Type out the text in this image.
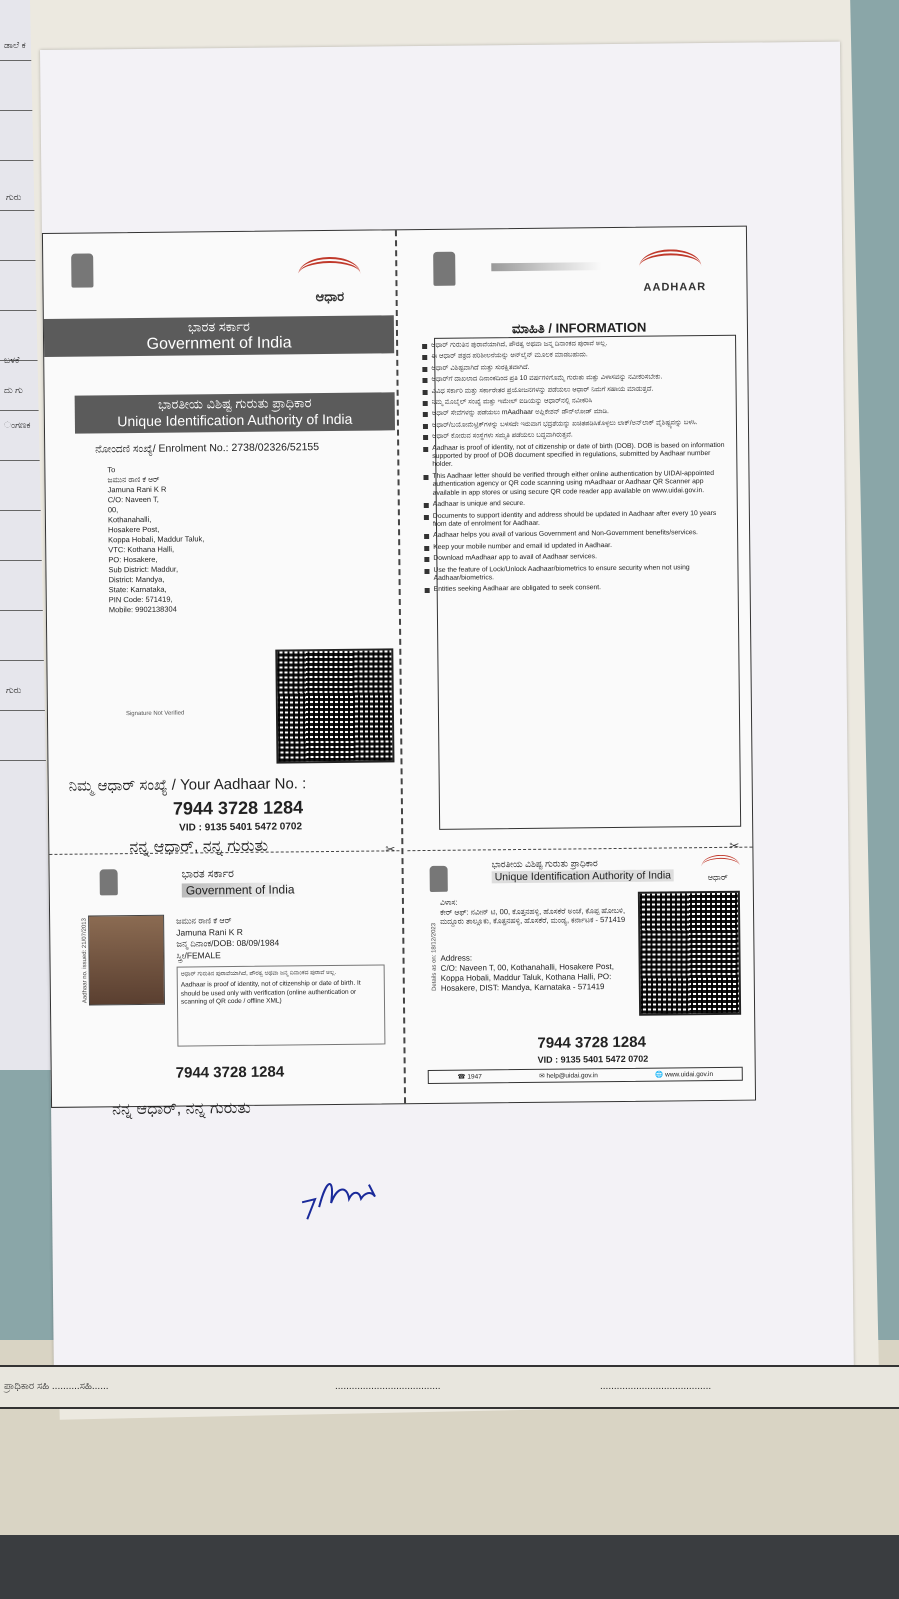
ಡಾಲೆ ಕ
ಗುರು
ಬಳಕೆ
ದು ಗು
ಂಗಣಕ
ಗುರು
ಆಧಾರ
ಭಾರತ ಸರ್ಕಾರ
Government of India
ಭಾರತೀಯ ವಿಶಿಷ್ಟ ಗುರುತು ಪ್ರಾಧಿಕಾರ
Unique Identification Authority of India
ನೋಂದಣಿ ಸಂಖ್ಯೆ/ Enrolment No.: 2738/02326/52155
To
ಜಮುನ ರಾಣಿ ಕೆ ಆರ್
Jamuna Rani K R
C/O: Naveen T,
00,
Kothanahalli,
Hosakere Post,
Koppa Hobali, Maddur Taluk,
VTC: Kothana Halli,
PO: Hosakere,
Sub District: Maddur,
District: Mandya,
State: Karnataka,
PIN Code: 571419,
Mobile: 9902138304
Signature Not Verified
ನಿಮ್ಮ ಆಧಾರ್ ಸಂಖ್ಯೆ / Your Aadhaar No. :
7944 3728 1284
VID : 9135 5401 5472 0702
ನನ್ನ ಆಧಾರ್, ನನ್ನ ಗುರುತು	✂
ಭಾರತ ಸರ್ಕಾರ
Government of India
Aadhaar no. issued: 21/07/2013	ಜಮುನ ರಾಣಿ ಕೆ ಆರ್
Jamuna Rani K R
ಜನ್ಮ ದಿನಾಂಕ/DOB: 08/09/1984
ಸ್ತ್ರೀ/FEMALE
ಆಧಾರ್ ಗುರುತಿನ ಪುರಾವೆಯಾಗಿದೆ, ಪೌರತ್ವ ಅಥವಾ ಜನ್ಮ ದಿನಾಂಕದ ಪುರಾವೆ ಅಲ್ಲ.
Aadhaar is proof of identity, not of citizenship or date of birth. It should be used only with verification (online authentication or scanning of QR code / offline XML)
7944 3728 1284
ನನ್ನ ಆಧಾರ್, ನನ್ನ ಗುರುತು
AADHAAR
ಮಾಹಿತಿ / INFORMATION
ಆಧಾರ್ ಗುರುತಿನ ಪುರಾವೆಯಾಗಿದೆ, ಪೌರತ್ವ ಅಥವಾ ಜನ್ಮ ದಿನಾಂಕದ ಪುರಾವೆ ಅಲ್ಲ.
ಈ ಆಧಾರ್ ಪತ್ರದ ಪರಿಶೀಲನೆಯನ್ನು ಆನ್‌ಲೈನ್ ಮೂಲಕ ಮಾಡಬಹುದು.
ಆಧಾರ್ ವಿಶಿಷ್ಟವಾಗಿದೆ ಮತ್ತು ಸುರಕ್ಷಿತವಾಗಿದೆ.
ಆಧಾರ್‌ಗೆ ದಾಖಲಾದ ದಿನಾಂಕದಿಂದ ಪ್ರತಿ 10 ವರ್ಷಗಳಿಗೊಮ್ಮೆ ಗುರುತು ಮತ್ತು ವಿಳಾಸವನ್ನು ನವೀಕರಿಸಬೇಕು.
ವಿವಿಧ ಸರ್ಕಾರಿ ಮತ್ತು ಸರ್ಕಾರೇತರ ಪ್ರಯೋಜನಗಳನ್ನು ಪಡೆಯಲು ಆಧಾರ್ ನಿಮಗೆ ಸಹಾಯ ಮಾಡುತ್ತದೆ.
ನಿಮ್ಮ ಮೊಬೈಲ್ ಸಂಖ್ಯೆ ಮತ್ತು ಇಮೇಲ್ ಐಡಿಯನ್ನು ಆಧಾರ್‌ನಲ್ಲಿ ನವೀಕರಿಸಿ
ಆಧಾರ್ ಸೇವೆಗಳನ್ನು ಪಡೆಯಲು mAadhaar ಅಪ್ಲಿಕೇಶನ್ ಡೌನ್‌ಲೋಡ್ ಮಾಡಿ.
ಆಧಾರ್/ಬಯೋಮೆಟ್ರಿಕ್‌ಗಳನ್ನು ಬಳಸದೇ ಇರುವಾಗ ಭದ್ರತೆಯನ್ನು ಖಚಿತಪಡಿಸಿಕೊಳ್ಳಲು ಲಾಕ್/ಅನ್‌ಲಾಕ್ ವೈಶಿಷ್ಟ್ಯವನ್ನು ಬಳಸಿ.
ಆಧಾರ್ ಕೋರುವ ಸಂಸ್ಥೆಗಳು ಸಮ್ಮತಿ ಪಡೆಯಲು ಬದ್ಧವಾಗಿರುತ್ತವೆ.
Aadhaar is proof of identity, not of citizenship or date of birth (DOB). DOB is based on information supported by proof of DOB document specified in regulations, submitted by Aadhaar number holder.
This Aadhaar letter should be verified through either online authentication by UIDAI-appointed authentication agency or QR code scanning using mAadhaar or Aadhaar QR Scanner app available in app stores or using secure QR code reader app available on www.uidai.gov.in.
Aadhaar is unique and secure.
Documents to support identity and address should be updated in Aadhaar after every 10 years from date of enrolment for Aadhaar.
Aadhaar helps you avail of various Government and Non-Government benefits/services.
Keep your mobile number and email id updated in Aadhaar.
Download mAadhaar app to avail of Aadhaar services.
Use the feature of Lock/Unlock Aadhaar/biometrics to ensure security when not using Aadhaar/biometrics.
Entities seeking Aadhaar are obligated to seek consent.
✂
ಭಾರತೀಯ ವಿಶಿಷ್ಟ ಗುರುತು ಪ್ರಾಧಿಕಾರ
Unique Identification Authority of India	ಆಧಾರ್
Details as on: 18/12/2023
ವಿಳಾಸ:
ಕೇರ್ ಆಫ್: ನವೀನ್ ಟಿ, 00, ಕೊತ್ತನಹಳ್ಳಿ, ಹೊಸಕೆರೆ ಅಂಚೆ, ಕೊಪ್ಪ ಹೋಬಳಿ, ಮದ್ದೂರು ತಾಲ್ಲೂಕು, ಕೊತ್ತನಹಳ್ಳಿ, ಹೊಸಕೆರೆ, ಮಂಡ್ಯ, ಕರ್ನಾಟಕ - 571419
Address:
C/O: Naveen T, 00, Kothanahalli, Hosakere Post, Koppa Hobali, Maddur Taluk, Kothana Halli, PO: Hosakere, DIST: Mandya, Karnataka - 571419
7944 3728 1284
VID : 9135 5401 5472 0702
☎ 1947	✉ help@uidai.gov.in	🌐 www.uidai.gov.in
ಪ್ರಾಧಿಕಾರ ಸಹಿ ..........ಸಹಿ......	......................................	........................................
